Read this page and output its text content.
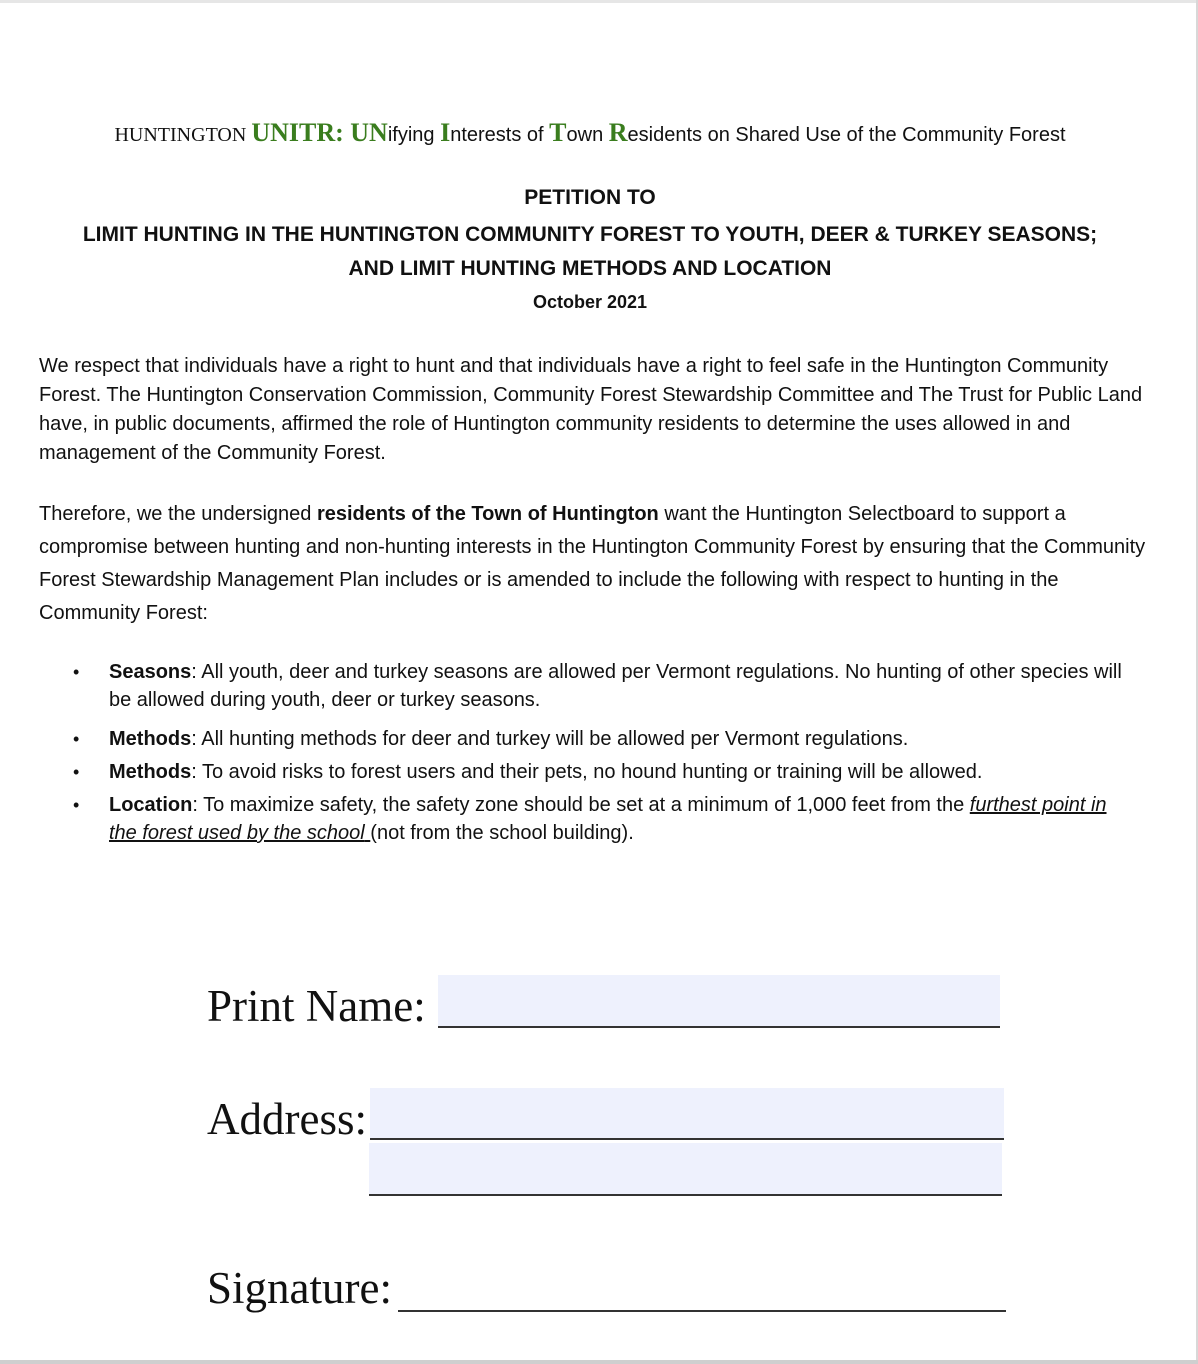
HUNTINGTON UNITR: UNifying Interests of Town Residents on Shared Use of the Community Forest
PETITION TO
LIMIT HUNTING IN THE HUNTINGTON COMMUNITY FOREST TO YOUTH, DEER & TURKEY SEASONS;
AND LIMIT HUNTING METHODS AND LOCATION
October 2021
We respect that individuals have a right to hunt and that individuals have a right to feel safe in the Huntington Community Forest. The Huntington Conservation Commission, Community Forest Stewardship Committee and The Trust for Public Land have, in public documents, affirmed the role of Huntington community residents to determine the uses allowed in and management of the Community Forest.
Therefore, we the undersigned residents of the Town of Huntington want the Huntington Selectboard to support a compromise between hunting and non-hunting interests in the Huntington Community Forest by ensuring that the Community Forest Stewardship Management Plan includes or is amended to include the following with respect to hunting in the Community Forest:
• Seasons: All youth, deer and turkey seasons are allowed per Vermont regulations. No hunting of other species will be allowed during youth, deer or turkey seasons.
• Methods: All hunting methods for deer and turkey will be allowed per Vermont regulations.
• Methods: To avoid risks to forest users and their pets, no hound hunting or training will be allowed.
• Location: To maximize safety, the safety zone should be set at a minimum of 1,000 feet from the furthest point in the forest used by the school (not from the school building).
Print Name:
Address:
Signature:
